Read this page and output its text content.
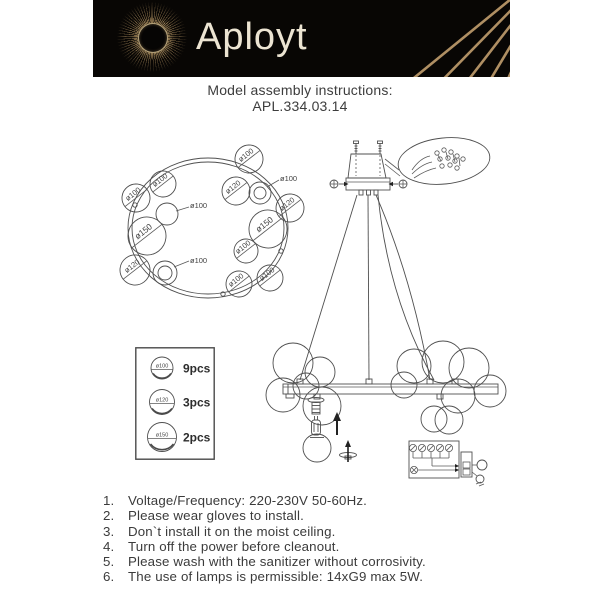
Aployt
Model assembly instructions:
APL.334.03.14
ø100
ø100
ø100
ø120
ø120
ø150
ø150
ø120
ø100
ø100
ø100
ø100
ø100
ø100
ø100 9pcs
ø120 3pcs
ø150 2pcs
1.	Voltage/Frequency: 220-230V 50-60Hz.
2.	Please wear gloves to install.
3.	Don`t install it on the moist ceiling.
4.	Turn off the power before cleanout.
5.	Please wash with the sanitizer without corrosivity.
6.	The use of lamps is permissible: 14xG9 max 5W.
